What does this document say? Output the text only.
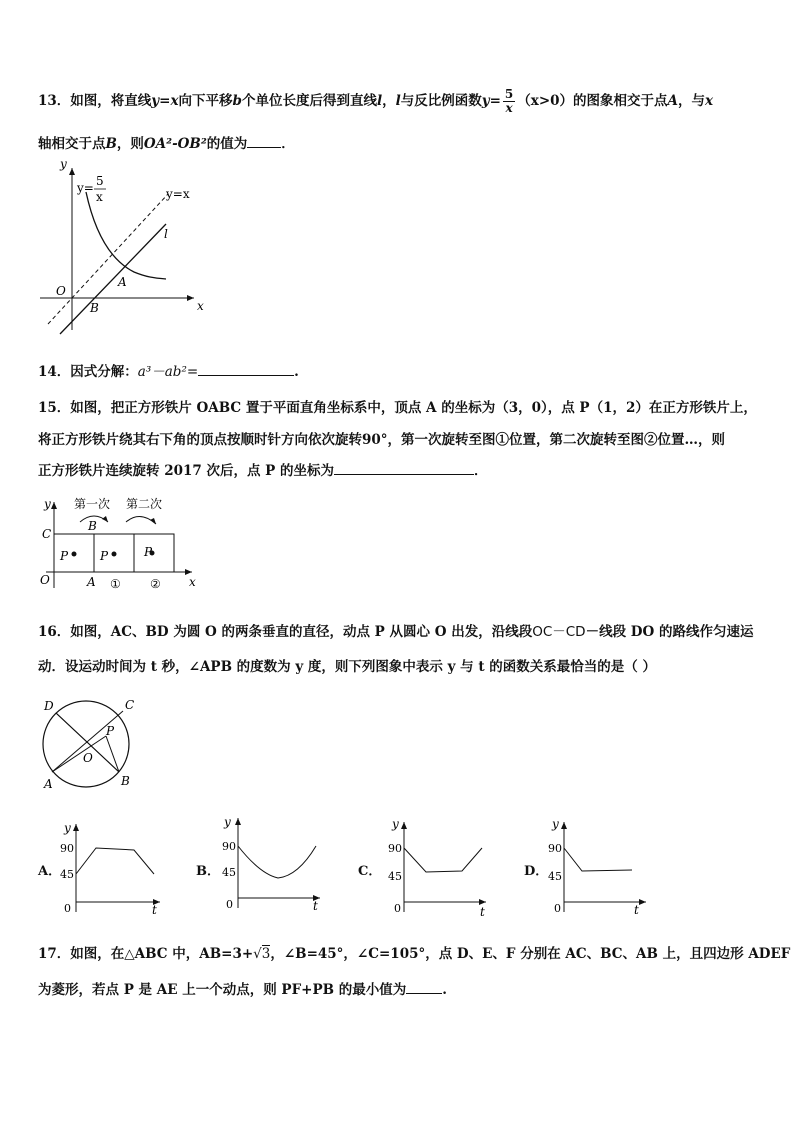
13．如图，将直线y=x向下平移b个单位长度后得到直线l，l与反比例函数$y= \frac{5}{x} (x>0)$的图象相交于点A，与x
轴相交于点B，则OA²-OB²的值为	．
y
x
y= 5
x	y=x
l
O
A
B
14．因式分解：a³－ab²=	.
15．如图，把正方形铁片 OABC 置于平面直角坐标系中，顶点 A 的坐标为（3，0），点 P（1，2）在正方形铁片上，
将正方形铁片绕其右下角的顶点按顺时针方向依次旋转90°，第一次旋转至图①位置，第二次旋转至图②位置…，则
正方形铁片连续旋转 2017 次后，点 P 的坐标为	．
y
x
C
O	A
B
P	P	P
第一次 第二次
① ②
16．如图，AC、BD 为圆 O 的两条垂直的直径，动点 P 从圆心 O 出发，沿线段OC－CD－线段 DO 的路线作匀速运
动．设运动时间为 t 秒，∠APB 的度数为 y 度，则下列图象中表示 y 与 t 的函数关系最恰当的是（ ）
D	C
P
O
A	B
A．
y
90
45
0	t
B．
y
90
45
0	t
C．
y
90
45
0	t
D．
y
90
45
0	t
17．如图，在△ABC 中，AB=3+√3，∠B=45°，∠C=105°，点 D、E、F 分别在 AC、BC、AB 上，且四边形 ADEF
为菱形，若点 P 是 AE 上一个动点，则 PF+PB 的最小值为	.
